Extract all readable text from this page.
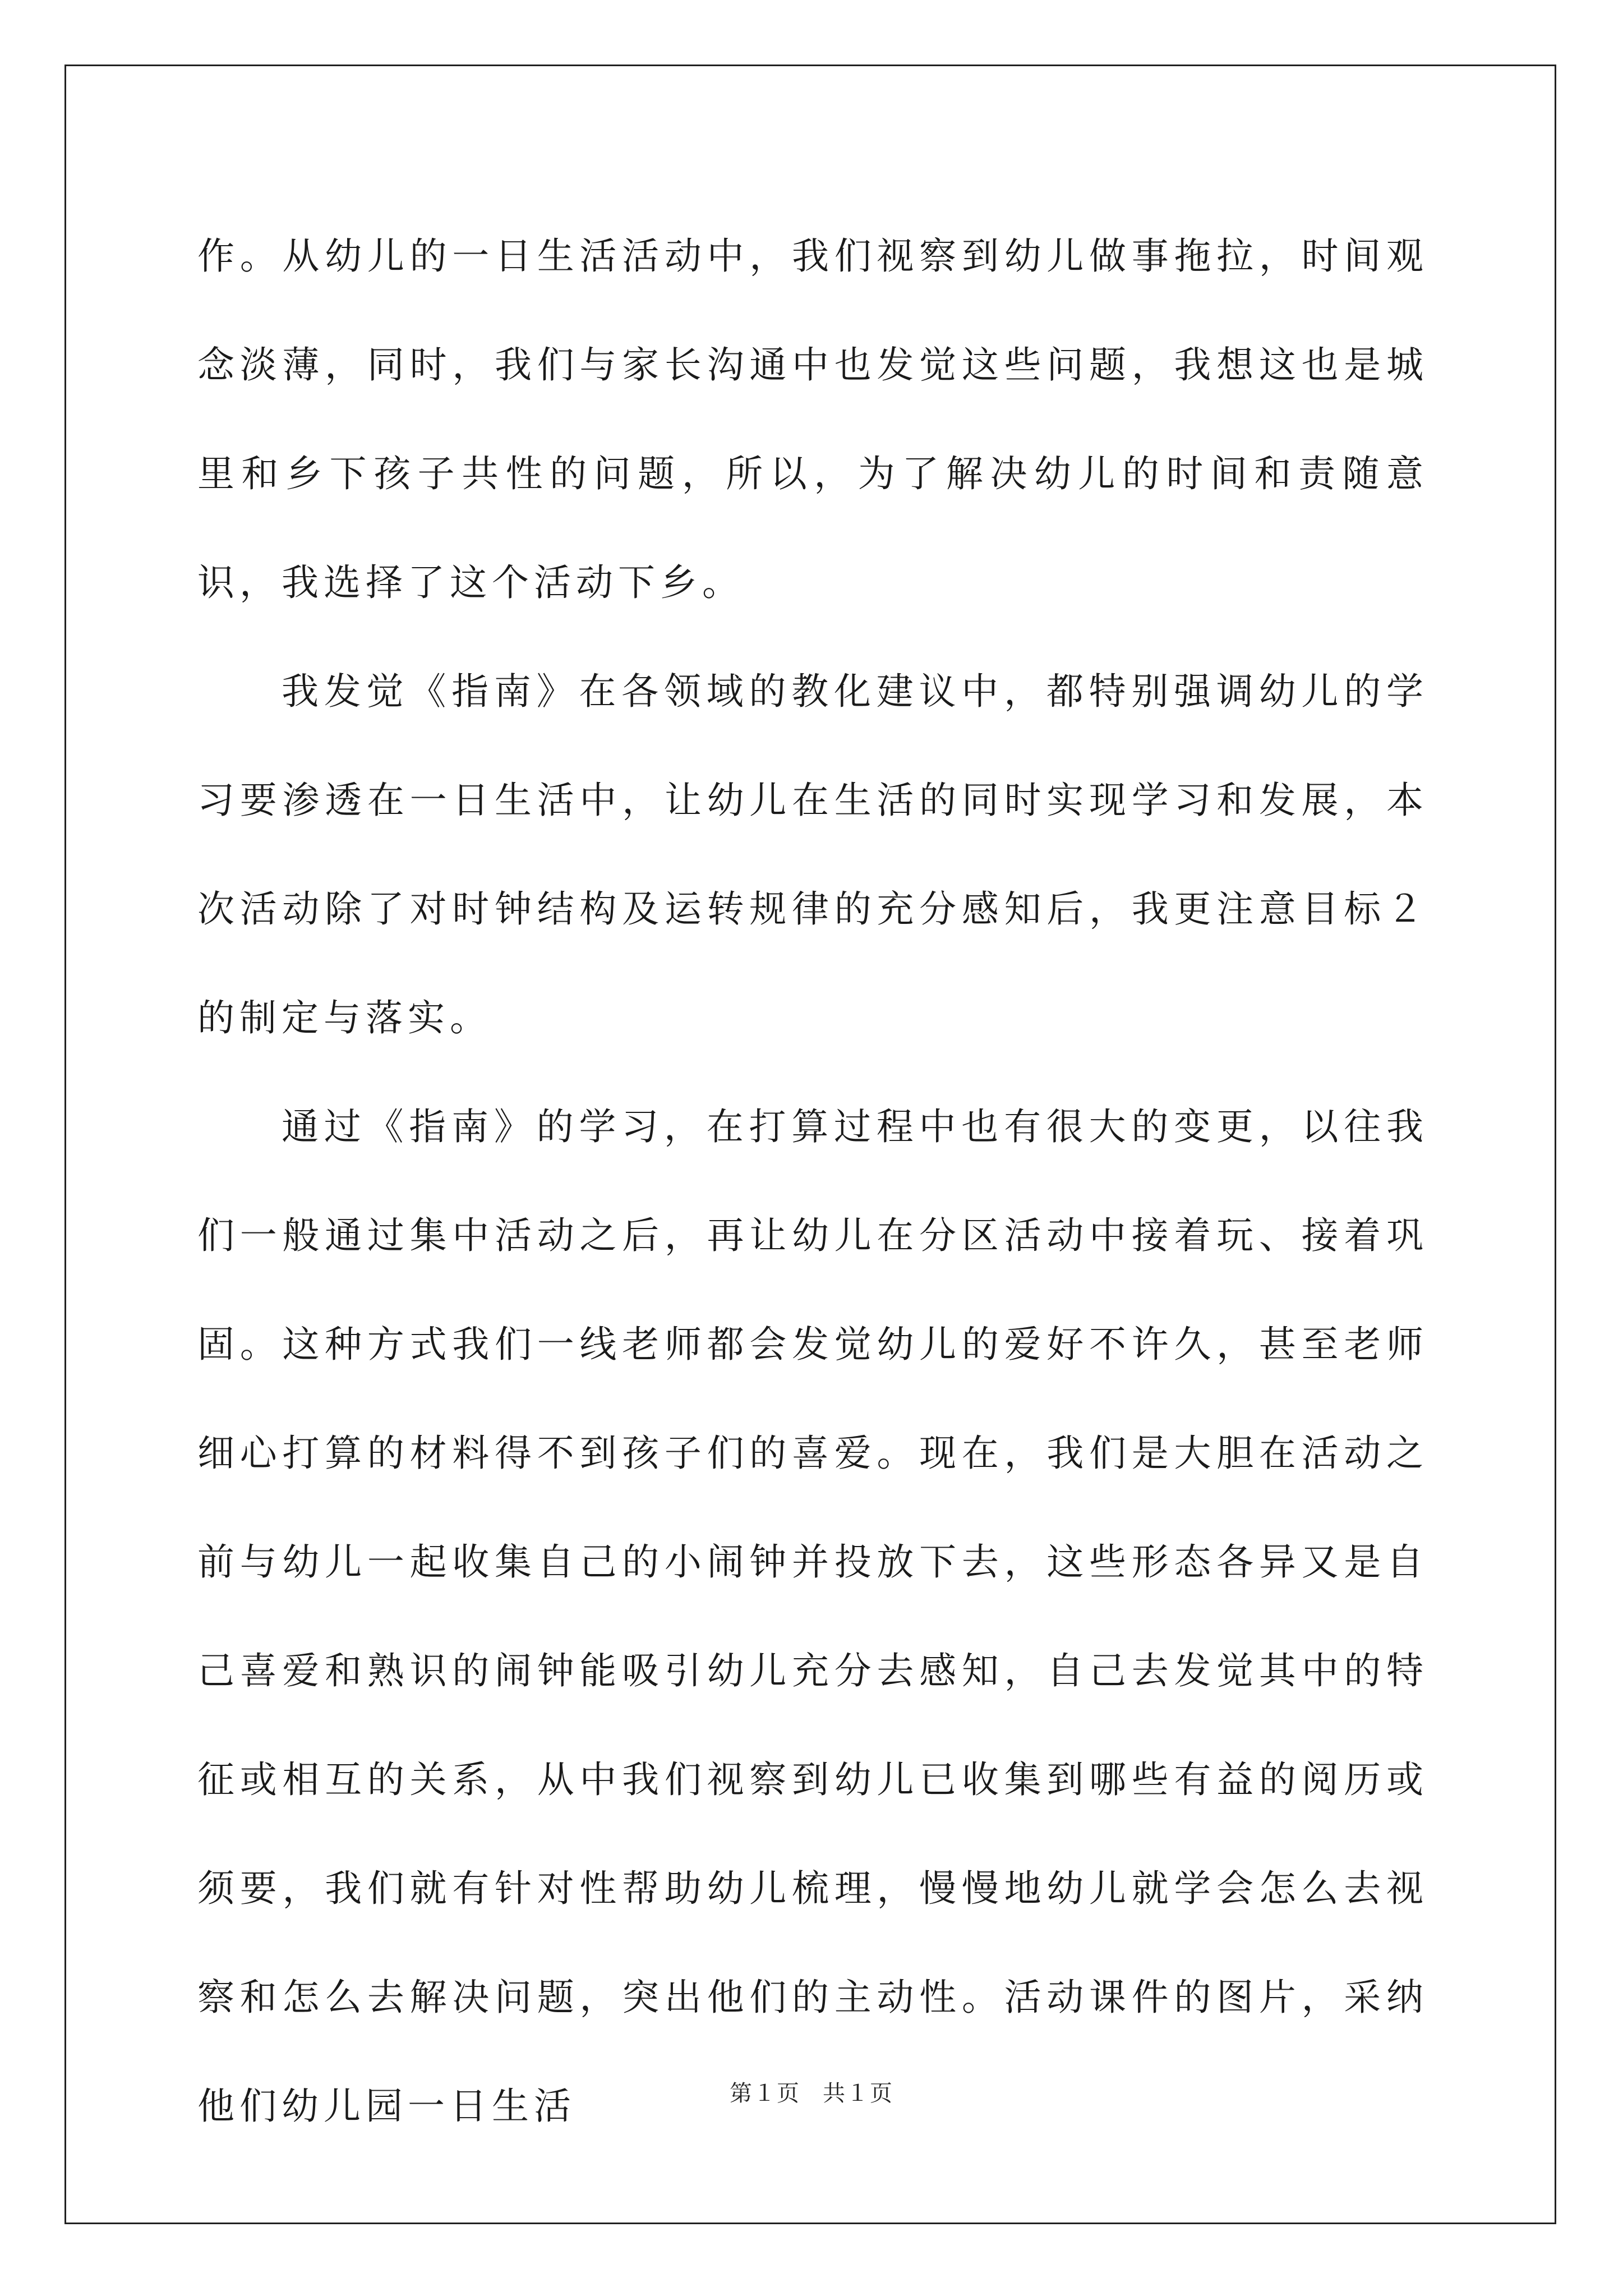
作。从幼儿的一日生活活动中，我们视察到幼儿做事拖拉，时间观念淡薄，同时，我们与家长沟通中也发觉这些问题，我想这也是城里和乡下孩子共性的问题，所以，为了解决幼儿的时间和责随意识，我选择了这个活动下乡。

我发觉《指南》在各领域的教化建议中，都特别强调幼儿的学习要渗透在一日生活中，让幼儿在生活的同时实现学习和发展，本次活动除了对时钟结构及运转规律的充分感知后，我更注意目标２的制定与落实。

通过《指南》的学习，在打算过程中也有很大的变更，以往我们一般通过集中活动之后，再让幼儿在分区活动中接着玩、接着巩固。这种方式我们一线老师都会发觉幼儿的爱好不许久，甚至老师细心打算的材料得不到孩子们的喜爱。现在，我们是大胆在活动之前与幼儿一起收集自己的小闹钟并投放下去，这些形态各异又是自己喜爱和熟识的闹钟能吸引幼儿充分去感知，自己去发觉其中的特征或相互的关系，从中我们视察到幼儿已收集到哪些有益的阅历或须要，我们就有针对性帮助幼儿梳理，慢慢地幼儿就学会怎么去视察和怎么去解决问题，突出他们的主动性。活动课件的图片，采纳他们幼儿园一日生活	第１页 共１页
